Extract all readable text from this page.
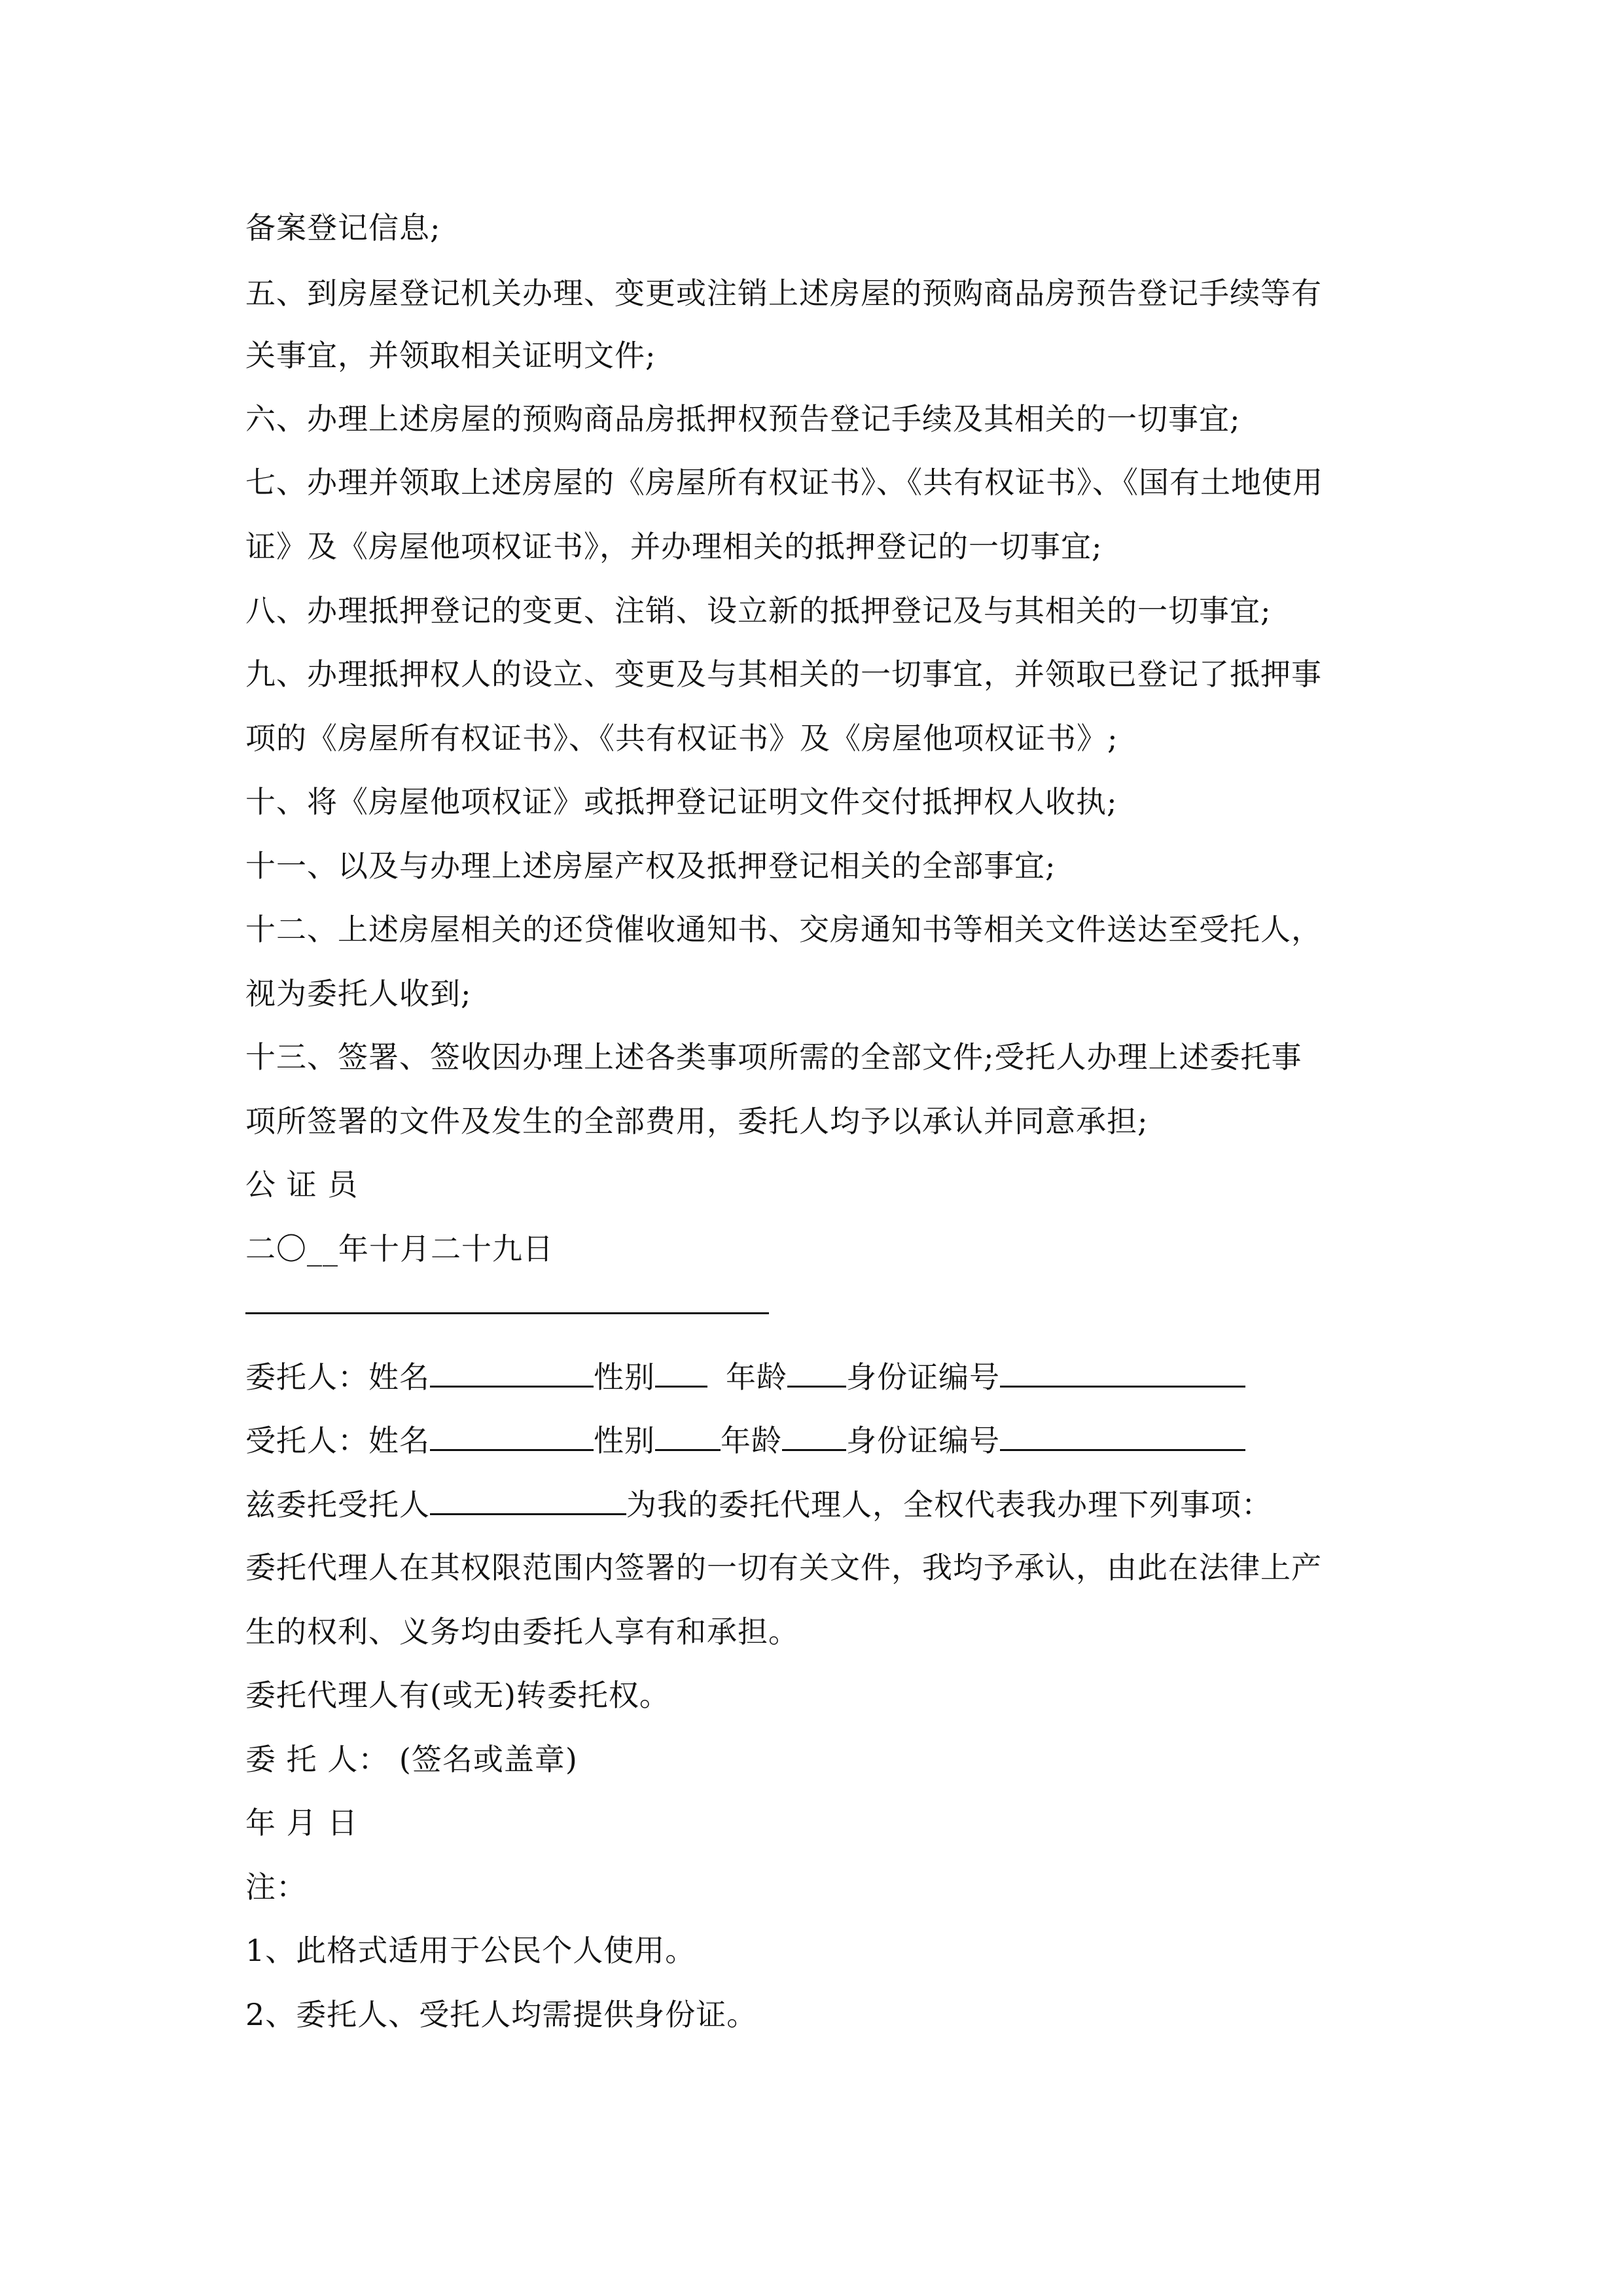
备案登记信息;
五、到房屋登记机关办理、变更或注销上述房屋的预购商品房预告登记手续等有
关事宜，并领取相关证明文件;
六、办理上述房屋的预购商品房抵押权预告登记手续及其相关的一切事宜;
七、办理并领取上述房屋的《房屋所有权证书》、《共有权证书》、《国有土地使用
证》及《房屋他项权证书》，并办理相关的抵押登记的一切事宜;
八、办理抵押登记的变更、注销、设立新的抵押登记及与其相关的一切事宜;
九、办理抵押权人的设立、变更及与其相关的一切事宜，并领取已登记了抵押事
项的《房屋所有权证书》、《共有权证书》及《房屋他项权证书》;
十、将《房屋他项权证》或抵押登记证明文件交付抵押权人收执;
十一、以及与办理上述房屋产权及抵押登记相关的全部事宜;
十二、上述房屋相关的还贷催收通知书、交房通知书等相关文件送达至受托人，
视为委托人收到;
十三、签署、签收因办理上述各类事项所需的全部文件;受托人办理上述委托事
项所签署的文件及发生的全部费用，委托人均予以承认并同意承担;
公 证 员
二〇__年十月二十九日
委托人：姓名	性别 年龄 身份证编号
受托人：姓名	性别 年龄 身份证编号
兹委托受托人	为我的委托代理人，全权代表我办理下列事项：
委托代理人在其权限范围内签署的一切有关文件，我均予承认，由此在法律上产
生的权利、义务均由委托人享有和承担。
委托代理人有(或无)转委托权。
委 托 人： (签名或盖章)
年 月 日
注：
1、此格式适用于公民个人使用。
2、委托人、受托人均需提供身份证。
